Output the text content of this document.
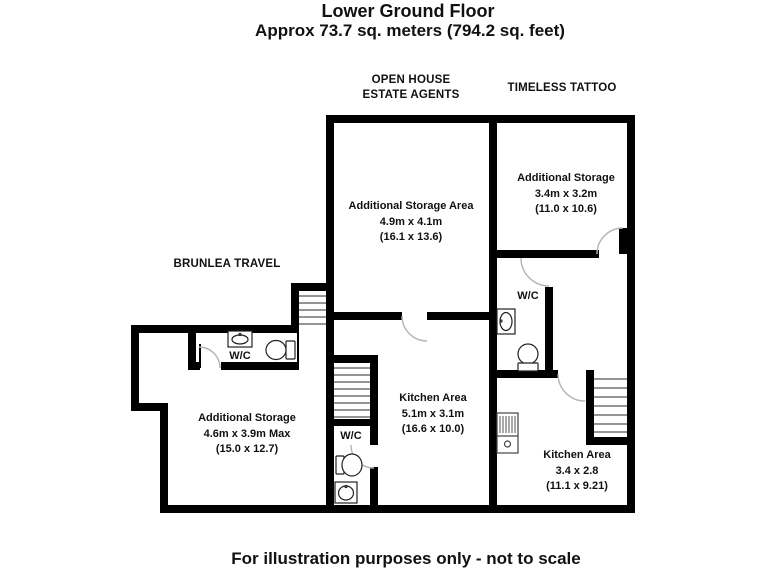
Lower Ground Floor
Approx 73.7 sq. meters (794.2 sq. feet)
OPEN HOUSE
ESTATE AGENTS
TIMELESS TATTOO
BRUNLEA TRAVEL
Additional Storage Area
4.9m x 4.1m
(16.1 x 13.6)
Additional Storage
3.4m x 3.2m
(11.0 x 10.6)
Additional Storage
4.6m x 3.9m Max
(15.0 x 12.7)
Kitchen Area
5.1m x 3.1m
(16.6 x 10.0)
Kitchen Area
3.4 x 2.8
(11.1 x 9.21)
W/C
W/C
W/C
For illustration purposes only - not to scale
